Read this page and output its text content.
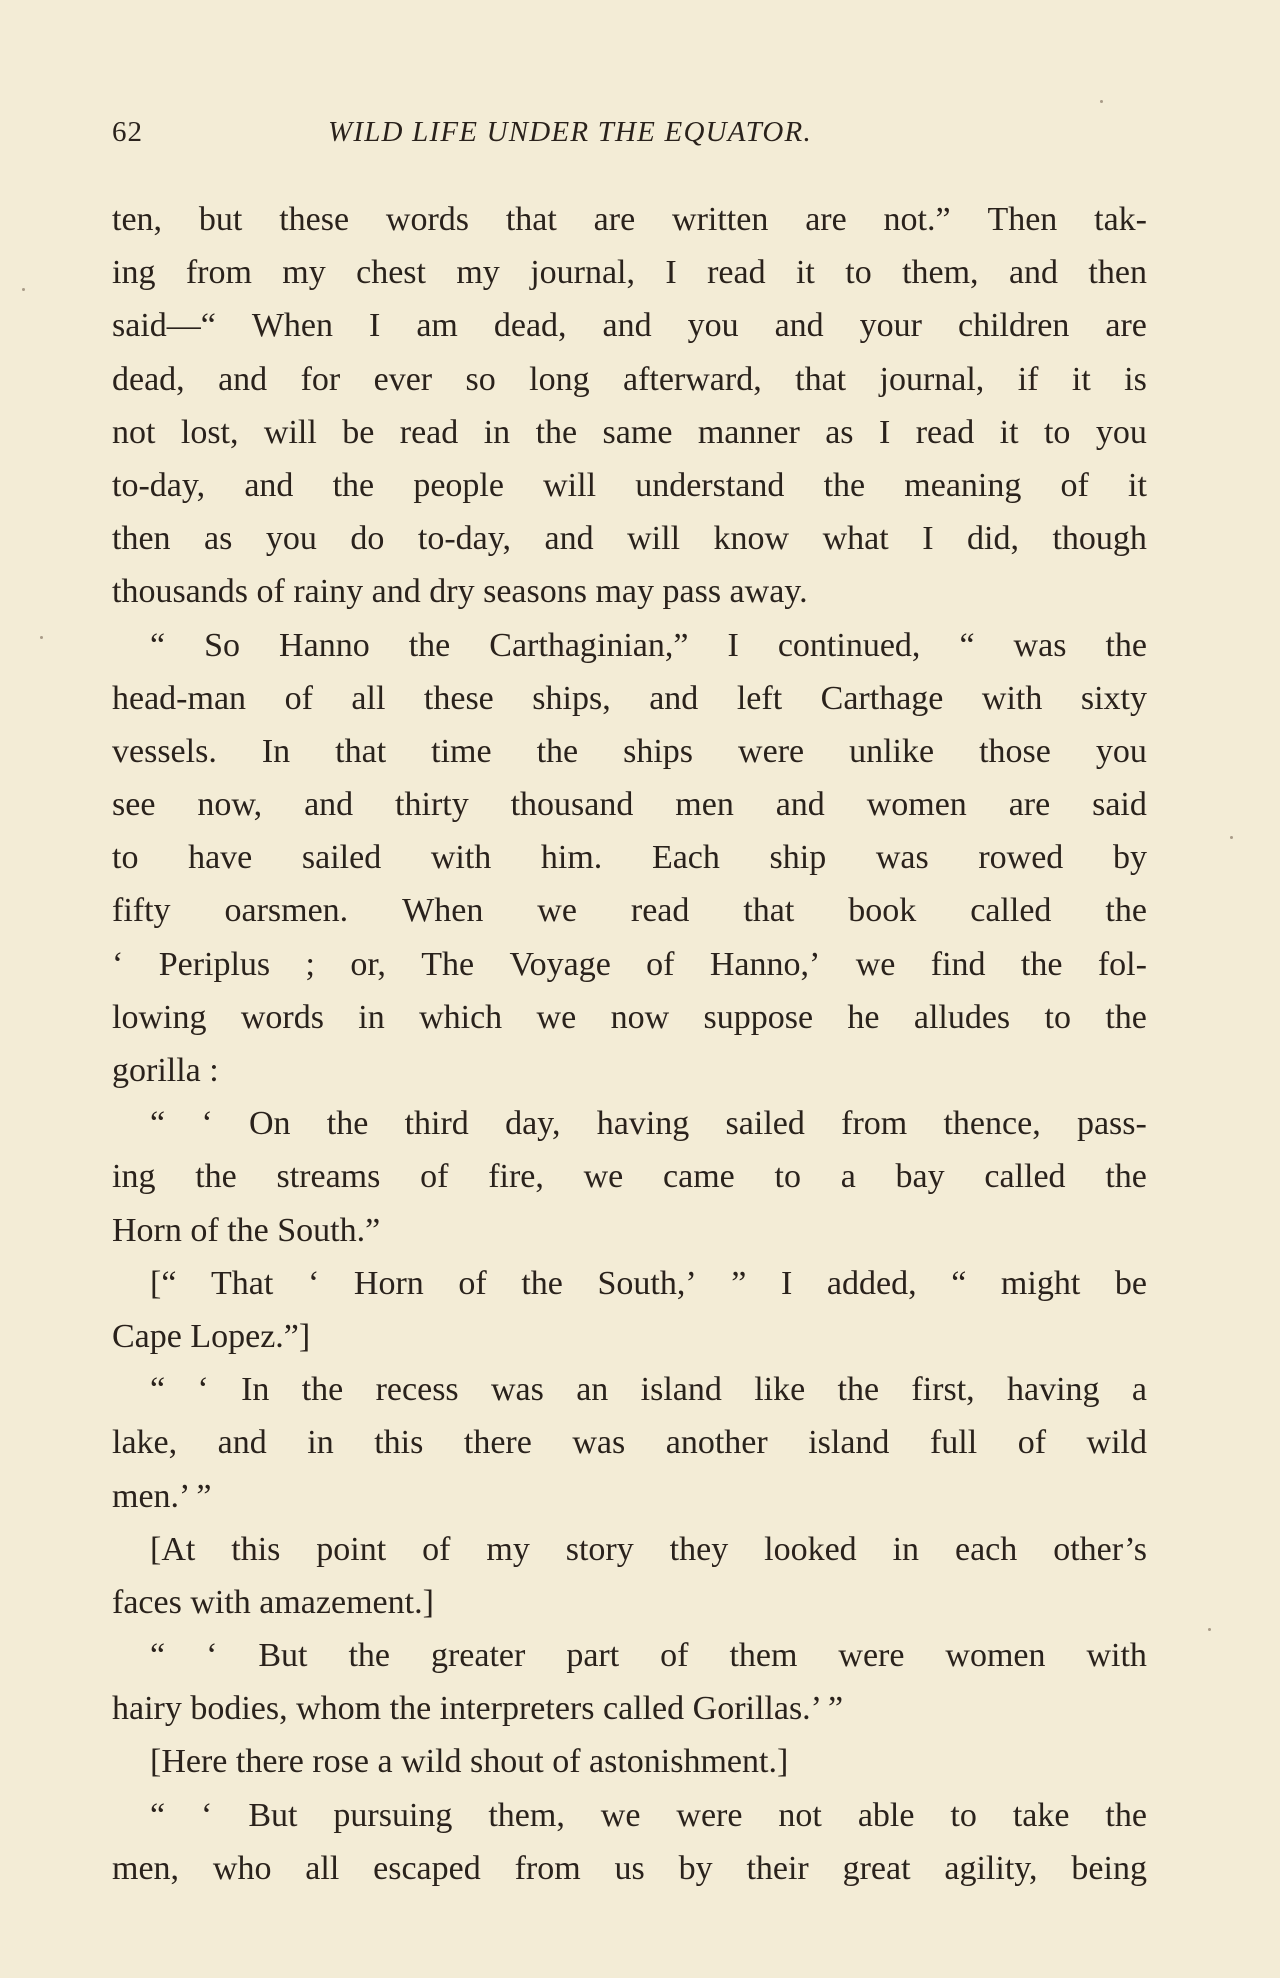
62	WILD LIFE UNDER THE EQUATOR.
ten, but these words that are written are not.” Then tak-
ing from my chest my journal, I read it to them, and then
said—“ When I am dead, and you and your children are
dead, and for ever so long afterward, that journal, if it is
not lost, will be read in the same manner as I read it to you
to-day, and the people will understand the meaning of it
then as you do to-day, and will know what I did, though
thousands of rainy and dry seasons may pass away.
“ So Hanno the Carthaginian,” I continued, “ was the
head-man of all these ships, and left Carthage with sixty
vessels. In that time the ships were unlike those you
see now, and thirty thousand men and women are said
to have sailed with him. Each ship was rowed by
fifty oarsmen. When we read that book called the
‘ Periplus ; or, The Voyage of Hanno,’ we find the fol-
lowing words in which we now suppose he alludes to the
gorilla :
“ ‘ On the third day, having sailed from thence, pass-
ing the streams of fire, we came to a bay called the
Horn of the South.”
[“ That ‘ Horn of the South,’ ” I added, “ might be
Cape Lopez.”]
“ ‘ In the recess was an island like the first, having a
lake, and in this there was another island full of wild
men.’ ”
[At this point of my story they looked in each other’s
faces with amazement.]
“ ‘ But the greater part of them were women with
hairy bodies, whom the interpreters called Gorillas.’ ”
[Here there rose a wild shout of astonishment.]
“ ‘ But pursuing them, we were not able to take the
men, who all escaped from us by their great agility, being
